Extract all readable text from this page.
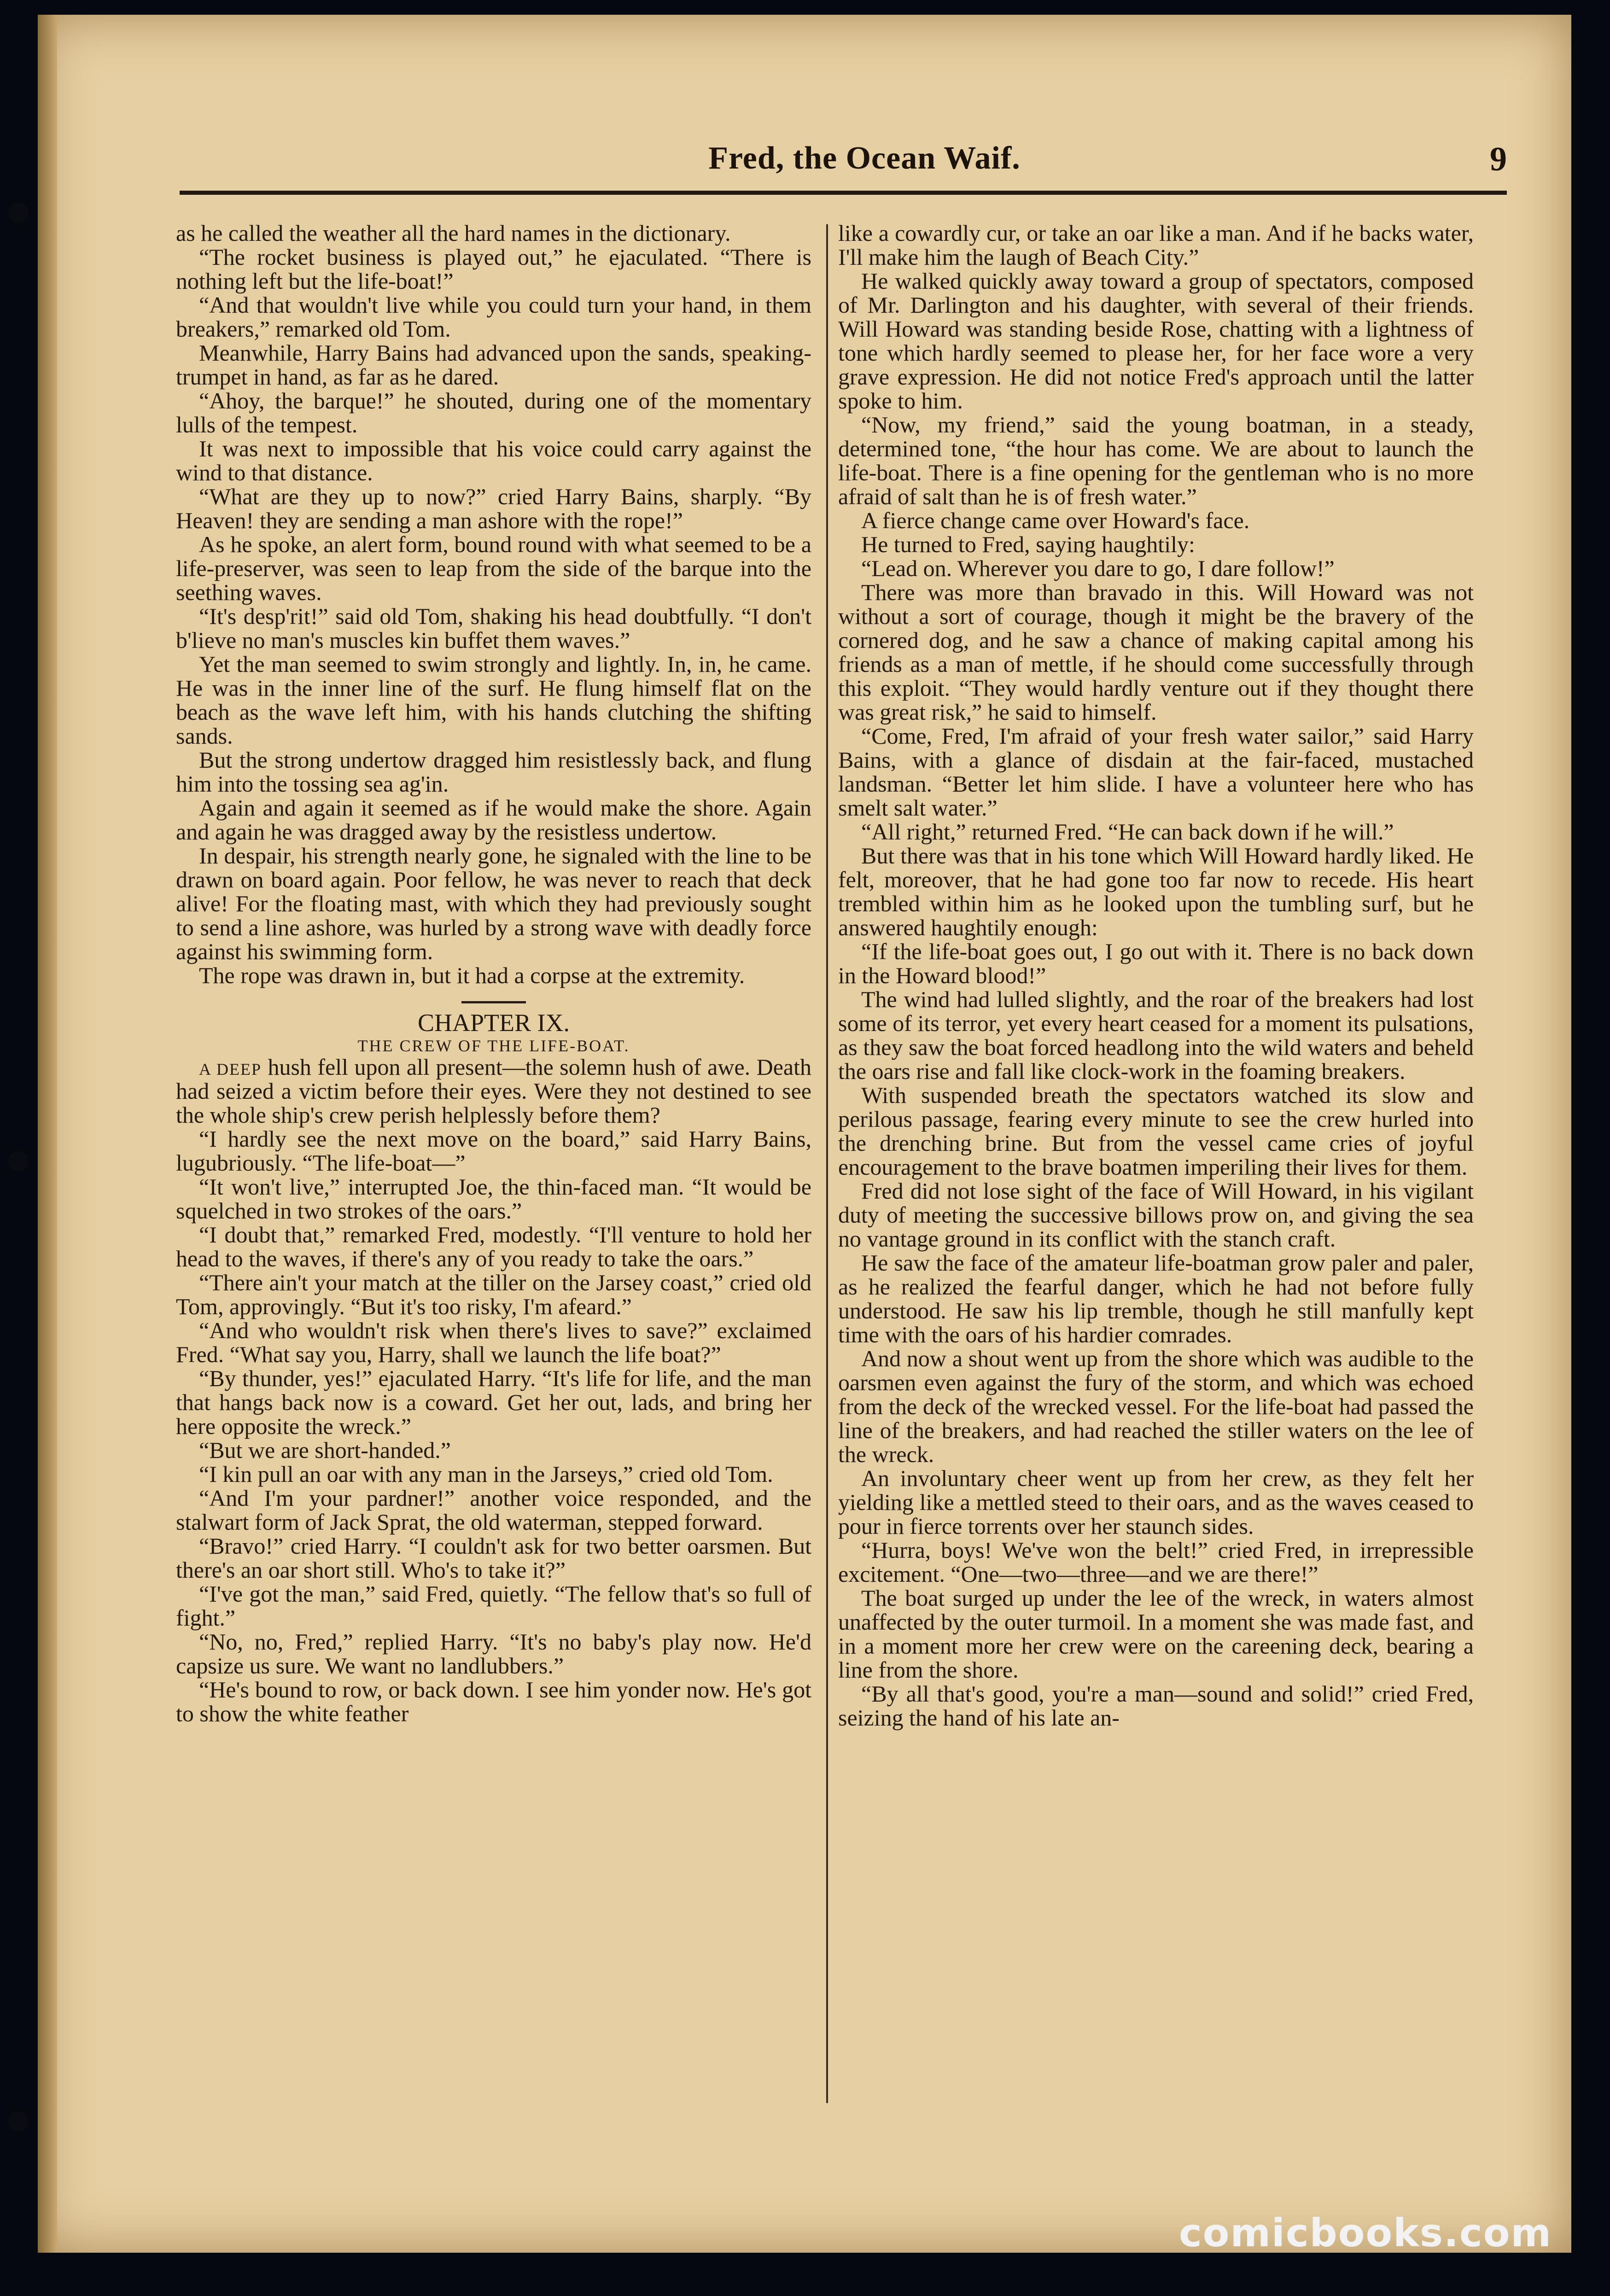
Fred, the Ocean Waif.	9

as he called the weather all the hard names in the dictionary.

“The rocket business is played out,” he ejaculated. “There is nothing left but the life-boat!”

“And that wouldn't live while you could turn your hand, in them breakers,” remarked old Tom.

Meanwhile, Harry Bains had advanced upon the sands, speaking-trumpet in hand, as far as he dared.

“Ahoy, the barque!” he shouted, during one of the momentary lulls of the tempest.

It was next to impossible that his voice could carry against the wind to that distance.

“What are they up to now?” cried Harry Bains, sharply. “By Heaven! they are sending a man ashore with the rope!”

As he spoke, an alert form, bound round with what seemed to be a life-preserver, was seen to leap from the side of the barque into the seething waves.

“It's desp'rit!” said old Tom, shaking his head doubtfully. “I don't b'lieve no man's muscles kin buffet them waves.”

Yet the man seemed to swim strongly and lightly. In, in, he came. He was in the inner line of the surf. He flung himself flat on the beach as the wave left him, with his hands clutching the shifting sands.

But the strong undertow dragged him resistlessly back, and flung him into the tossing sea ag'in.

Again and again it seemed as if he would make the shore. Again and again he was dragged away by the resistless undertow.

In despair, his strength nearly gone, he signaled with the line to be drawn on board again. Poor fellow, he was never to reach that deck alive! For the floating mast, with which they had previously sought to send a line ashore, was hurled by a strong wave with deadly force against his swimming form.

The rope was drawn in, but it had a corpse at the extremity.

CHAPTER IX.
THE CREW OF THE LIFE-BOAT.

A DEEP hush fell upon all present—the solemn hush of awe. Death had seized a victim before their eyes. Were they not destined to see the whole ship's crew perish helplessly before them?

“I hardly see the next move on the board,” said Harry Bains, lugubriously. “The life-boat—”

“It won't live,” interrupted Joe, the thin-faced man. “It would be squelched in two strokes of the oars.”

“I doubt that,” remarked Fred, modestly. “I'll venture to hold her head to the waves, if there's any of you ready to take the oars.”

“There ain't your match at the tiller on the Jarsey coast,” cried old Tom, approvingly. “But it's too risky, I'm afeard.”

“And who wouldn't risk when there's lives to save?” exclaimed Fred. “What say you, Harry, shall we launch the life boat?”

“By thunder, yes!” ejaculated Harry. “It's life for life, and the man that hangs back now is a coward. Get her out, lads, and bring her here opposite the wreck.”

“But we are short-handed.”

“I kin pull an oar with any man in the Jarseys,” cried old Tom.

“And I'm your pardner!” another voice responded, and the stalwart form of Jack Sprat, the old waterman, stepped forward.

“Bravo!” cried Harry. “I couldn't ask for two better oarsmen. But there's an oar short still. Who's to take it?”

“I've got the man,” said Fred, quietly. “The fellow that's so full of fight.”

“No, no, Fred,” replied Harry. “It's no baby's play now. He'd capsize us sure. We want no landlubbers.”

“He's bound to row, or back down. I see him yonder now. He's got to show the white feather

like a cowardly cur, or take an oar like a man. And if he backs water, I'll make him the laugh of Beach City.”

He walked quickly away toward a group of spectators, composed of Mr. Darlington and his daughter, with several of their friends. Will Howard was standing beside Rose, chatting with a lightness of tone which hardly seemed to please her, for her face wore a very grave expression. He did not notice Fred's approach until the latter spoke to him.

“Now, my friend,” said the young boatman, in a steady, determined tone, “the hour has come. We are about to launch the life-boat. There is a fine opening for the gentleman who is no more afraid of salt than he is of fresh water.”

A fierce change came over Howard's face.

He turned to Fred, saying haughtily:

“Lead on. Wherever you dare to go, I dare follow!”

There was more than bravado in this. Will Howard was not without a sort of courage, though it might be the bravery of the cornered dog, and he saw a chance of making capital among his friends as a man of mettle, if he should come successfully through this exploit. “They would hardly venture out if they thought there was great risk,” he said to himself.

“Come, Fred, I'm afraid of your fresh water sailor,” said Harry Bains, with a glance of disdain at the fair-faced, mustached landsman. “Better let him slide. I have a volunteer here who has smelt salt water.”

“All right,” returned Fred. “He can back down if he will.”

But there was that in his tone which Will Howard hardly liked. He felt, moreover, that he had gone too far now to recede. His heart trembled within him as he looked upon the tumbling surf, but he answered haughtily enough:

“If the life-boat goes out, I go out with it. There is no back down in the Howard blood!”

The wind had lulled slightly, and the roar of the breakers had lost some of its terror, yet every heart ceased for a moment its pulsations, as they saw the boat forced headlong into the wild waters and beheld the oars rise and fall like clock-work in the foaming breakers.

With suspended breath the spectators watched its slow and perilous passage, fearing every minute to see the crew hurled into the drenching brine. But from the vessel came cries of joyful encouragement to the brave boatmen imperiling their lives for them.

Fred did not lose sight of the face of Will Howard, in his vigilant duty of meeting the successive billows prow on, and giving the sea no vantage ground in its conflict with the stanch craft.

He saw the face of the amateur life-boatman grow paler and paler, as he realized the fearful danger, which he had not before fully understood. He saw his lip tremble, though he still manfully kept time with the oars of his hardier comrades.

And now a shout went up from the shore which was audible to the oarsmen even against the fury of the storm, and which was echoed from the deck of the wrecked vessel. For the life-boat had passed the line of the breakers, and had reached the stiller waters on the lee of the wreck.

An involuntary cheer went up from her crew, as they felt her yielding like a mettled steed to their oars, and as the waves ceased to pour in fierce torrents over her staunch sides.

“Hurra, boys! We've won the belt!” cried Fred, in irrepressible excitement. “One—two—three—and we are there!”

The boat surged up under the lee of the wreck, in waters almost unaffected by the outer turmoil. In a moment she was made fast, and in a moment more her crew were on the careening deck, bearing a line from the shore.

“By all that's good, you're a man—sound and solid!” cried Fred, seizing the hand of his late an-

comicbooks.com
